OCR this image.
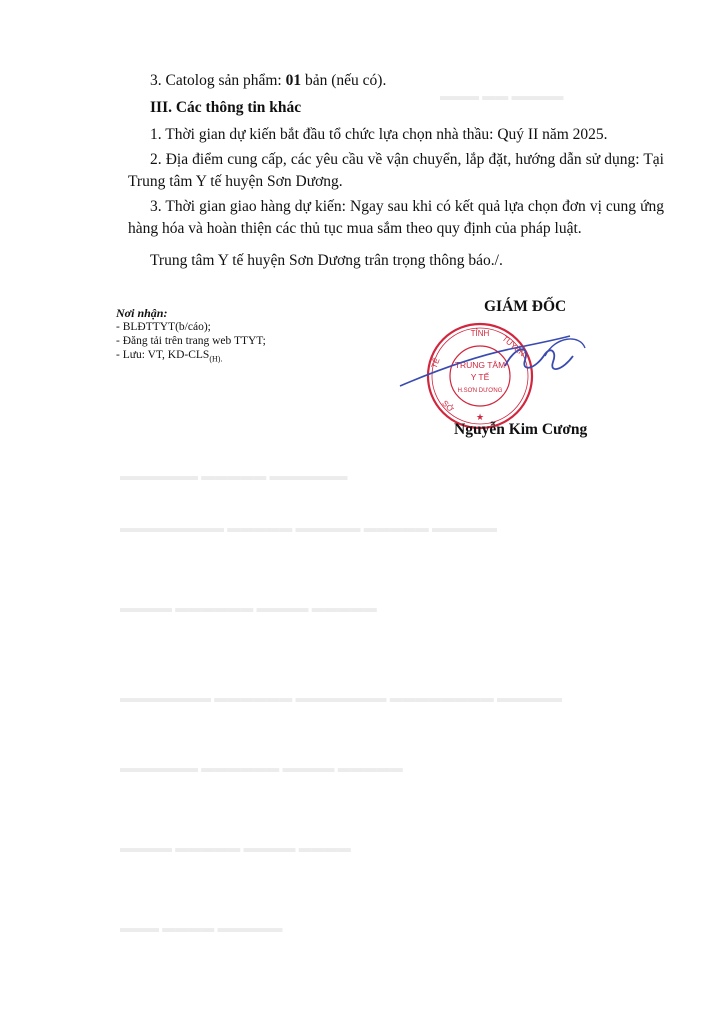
▬▬▬ ▬▬ ▬▬▬▬
▬▬▬▬▬▬ ▬▬▬▬▬ ▬▬▬▬▬▬
▬▬▬▬▬▬▬▬ ▬▬▬▬▬ ▬▬▬▬▬ ▬▬▬▬▬ ▬▬▬▬▬
▬▬▬▬ ▬▬▬▬▬▬ ▬▬▬▬ ▬▬▬▬▬
▬▬▬▬▬▬▬ ▬▬▬▬▬▬ ▬▬▬▬▬▬▬ ▬▬▬▬▬▬▬▬ ▬▬▬▬▬
▬▬▬▬▬▬ ▬▬▬▬▬▬ ▬▬▬▬ ▬▬▬▬▬
▬▬▬▬ ▬▬▬▬▬ ▬▬▬▬ ▬▬▬▬
▬▬▬ ▬▬▬▬ ▬▬▬▬▬
3. Catolog sản phẩm: 01 bản (nếu có).
III. Các thông tin khác

1. Thời gian dự kiến bắt đầu tổ chức lựa chọn nhà thầu: Quý II năm 2025.

2. Địa điểm cung cấp, các yêu cầu về vận chuyển, lắp đặt, hướng dẫn sử dụng: Tại Trung tâm Y tế huyện Sơn Dương.

3. Thời gian giao hàng dự kiến: Ngay sau khi có kết quả lựa chọn đơn vị cung ứng hàng hóa và hoàn thiện các thủ tục mua sắm theo quy định của pháp luật.

Trung tâm Y tế huyện Sơn Dương trân trọng thông báo./.

Nơi nhận:
- BLĐTTYT(b/cáo);
- Đăng tải trên trang web TTYT;
- Lưu: VT, $KD-CLS_{(H).}$
GIÁM ĐỐC
TỈNH
TUYÊN
TẾ
SỞ
TRUNG TÂM
Y TẾ
H.SƠN DƯƠNG
★
Nguyễn Kim Cương
